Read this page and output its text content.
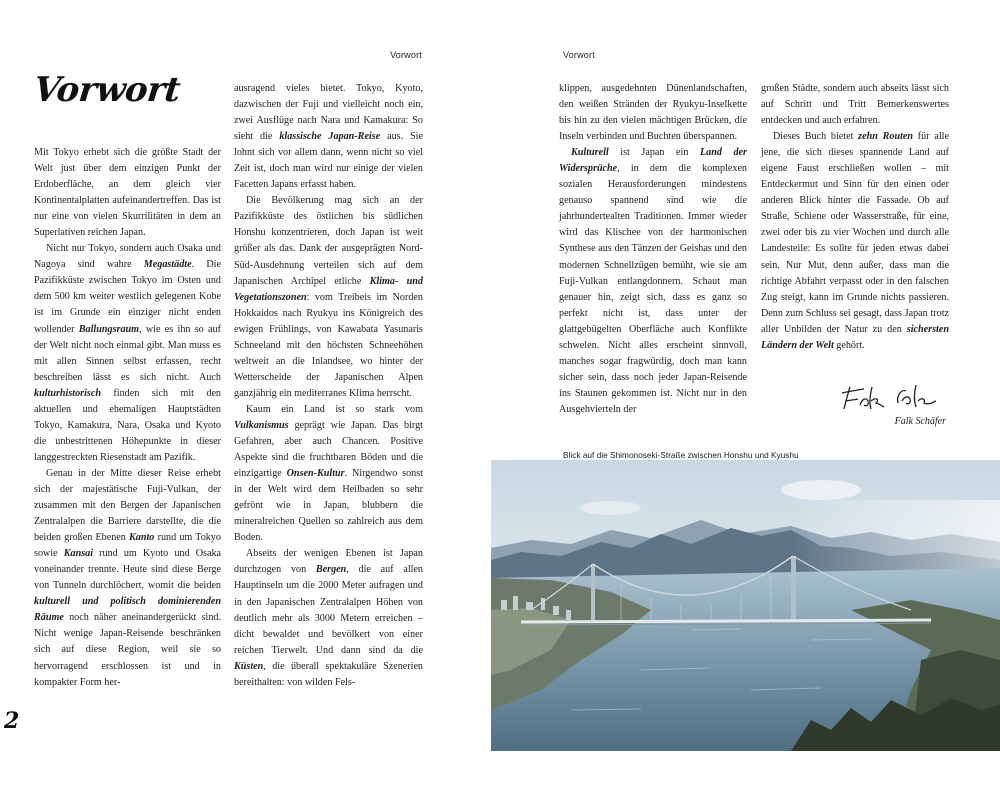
Vorwort
Vorwort

Mit Tokyo erhebt sich die größte Stadt der Welt just über dem einzigen Punkt der Erdoberfläche, an dem gleich vier Kontinentalplatten aufeinandertreffen. Das ist nur eine von vielen Skurrilitäten in dem an Superlativen reichen Japan.

Nicht nur Tokyo, sondern auch Osaka und Nagoya sind wahre Megastädte. Die Pazifikküste zwischen Tokyo im Osten und dem 500 km weiter westlich gelegenen Kobe ist im Grunde ein einziger nicht enden wollender Ballungsraum, wie es ihn so auf der Welt nicht noch einmal gibt. Man muss es mit allen Sinnen selbst erfassen, recht beschreiben lässt es sich nicht. Auch kulturhistorisch finden sich mit den aktuellen und ehemaligen Hauptstädten Tokyo, Kamakura, Nara, Osaka und Kyoto die unbestrittenen Höhepunkte in dieser langgestreckten Riesenstadt am Pazifik.

Genau in der Mitte dieser Reise erhebt sich der majestätische Fuji-Vulkan, der zusammen mit den Bergen der Japanischen Zentralalpen die Barriere darstellte, die die beiden großen Ebenen Kanto rund um Tokyo sowie Kansai rund um Kyoto und Osaka voneinander trennte. Heute sind diese Berge von Tunneln durchlöchert, womit die beiden kulturell und politisch dominierenden Räume noch näher aneinandergerückt sind. Nicht wenige Japan-Reisende beschränken sich auf diese Region, weil sie so hervorragend erschlossen ist und in kompakter Form her-

ausragend vieles bietet. Tokyo, Kyoto, dazwischen der Fuji und vielleicht noch ein, zwei Ausflüge nach Nara und Kamakura: So sieht die klassische Japan-Reise aus. Sie lohnt sich vor allem dann, wenn nicht so viel Zeit ist, doch man wird nur einige der vielen Facetten Japans erfasst haben.

Die Bevölkerung mag sich an der Pazifikküste des östlichen bis südlichen Honshu konzentrieren, doch Japan ist weit größer als das. Dank der ausgeprägten Nord-Süd-Ausdehnung verteilen sich auf dem Japanischen Archipel etliche Klima- und Vegetationszonen: vom Treibeis im Norden Hokkaidos nach Ryukyu ins Königreich des ewigen Frühlings, von Kawabata Yasunaris Schneeland mit den höchsten Schneehöhen weltweit an die Inlandsee, wo hinter der Wetterscheide der Japanischen Alpen ganzjährig ein mediterranes Klima herrscht.

Kaum ein Land ist so stark vom Vulkanismus geprägt wie Japan. Das birgt Gefahren, aber auch Chancen. Positive Aspekte sind die fruchtbaren Böden und die einzigartige Onsen-Kultur. Nirgendwo sonst in der Welt wird dem Heilbaden so sehr gefrönt wie in Japan, blubbern die mineralreichen Quellen so zahlreich aus dem Boden.

Abseits der wenigen Ebenen ist Japan durchzogen von Bergen, die auf allen Hauptinseln um die 2000 Meter aufragen und in den Japanischen Zentralalpen Höhen von deutlich mehr als 3000 Metern erreichen – dicht bewaldet und bevölkert von einer reichen Tierwelt. Und dann sind da die Küsten, die überall spektakuläre Szenerien bereithalten: von wilden Fels-

2
Vorwort

klippen, ausgedehnten Dünenlandschaften, den weißen Stränden der Ryukyu-Inselkette bis hin zu den vielen mächtigen Brücken, die Inseln verbinden und Buchten überspannen.

Kulturell ist Japan ein Land der Widersprüche, in dem die komplexen sozialen Herausforderungen mindestens genauso spannend sind wie die jahrhundertealten Traditionen. Immer wieder wird das Klischee von der harmonischen Synthese aus den Tänzen der Geishas und den modernen Schnellzügen bemüht, wie sie am Fuji-Vulkan entlangdonnern. Schaut man genauer hin, zeigt sich, dass es ganz so perfekt nicht ist, dass unter der glattgebügelten Oberfläche auch Konflikte schwelen. Nicht alles erscheint sinnvoll, manches sogar fragwürdig, doch man kann sicher sein, dass noch jeder Japan-Reisende ins Staunen gekommen ist. Nicht nur in den Ausgehvierteln der

großen Städte, sondern auch abseits lässt sich auf Schritt und Tritt Bemerkenswertes entdecken und auch erfahren.

Dieses Buch bietet zehn Routen für alle jene, die sich dieses spannende Land auf eigene Faust erschließen wollen – mit Entdeckermut und Sinn für den einen oder anderen Blick hinter die Fassade. Ob auf Straße, Schiene oder Wasserstraße, für eine, zwei oder bis zu vier Wochen und durch alle Landesteile: Es sollte für jeden etwas dabei sein. Nur Mut, denn außer, dass man die richtige Abfahrt verpasst oder in den falschen Zug steigt, kann im Grunde nichts passieren. Denn zum Schluss sei gesagt, dass Japan trotz aller Unbilden der Natur zu den sichersten Ländern der Welt gehört.

Falk Schäfer
Blick auf die Shimonoseki-Straße zwischen Honshu und Kyushu
